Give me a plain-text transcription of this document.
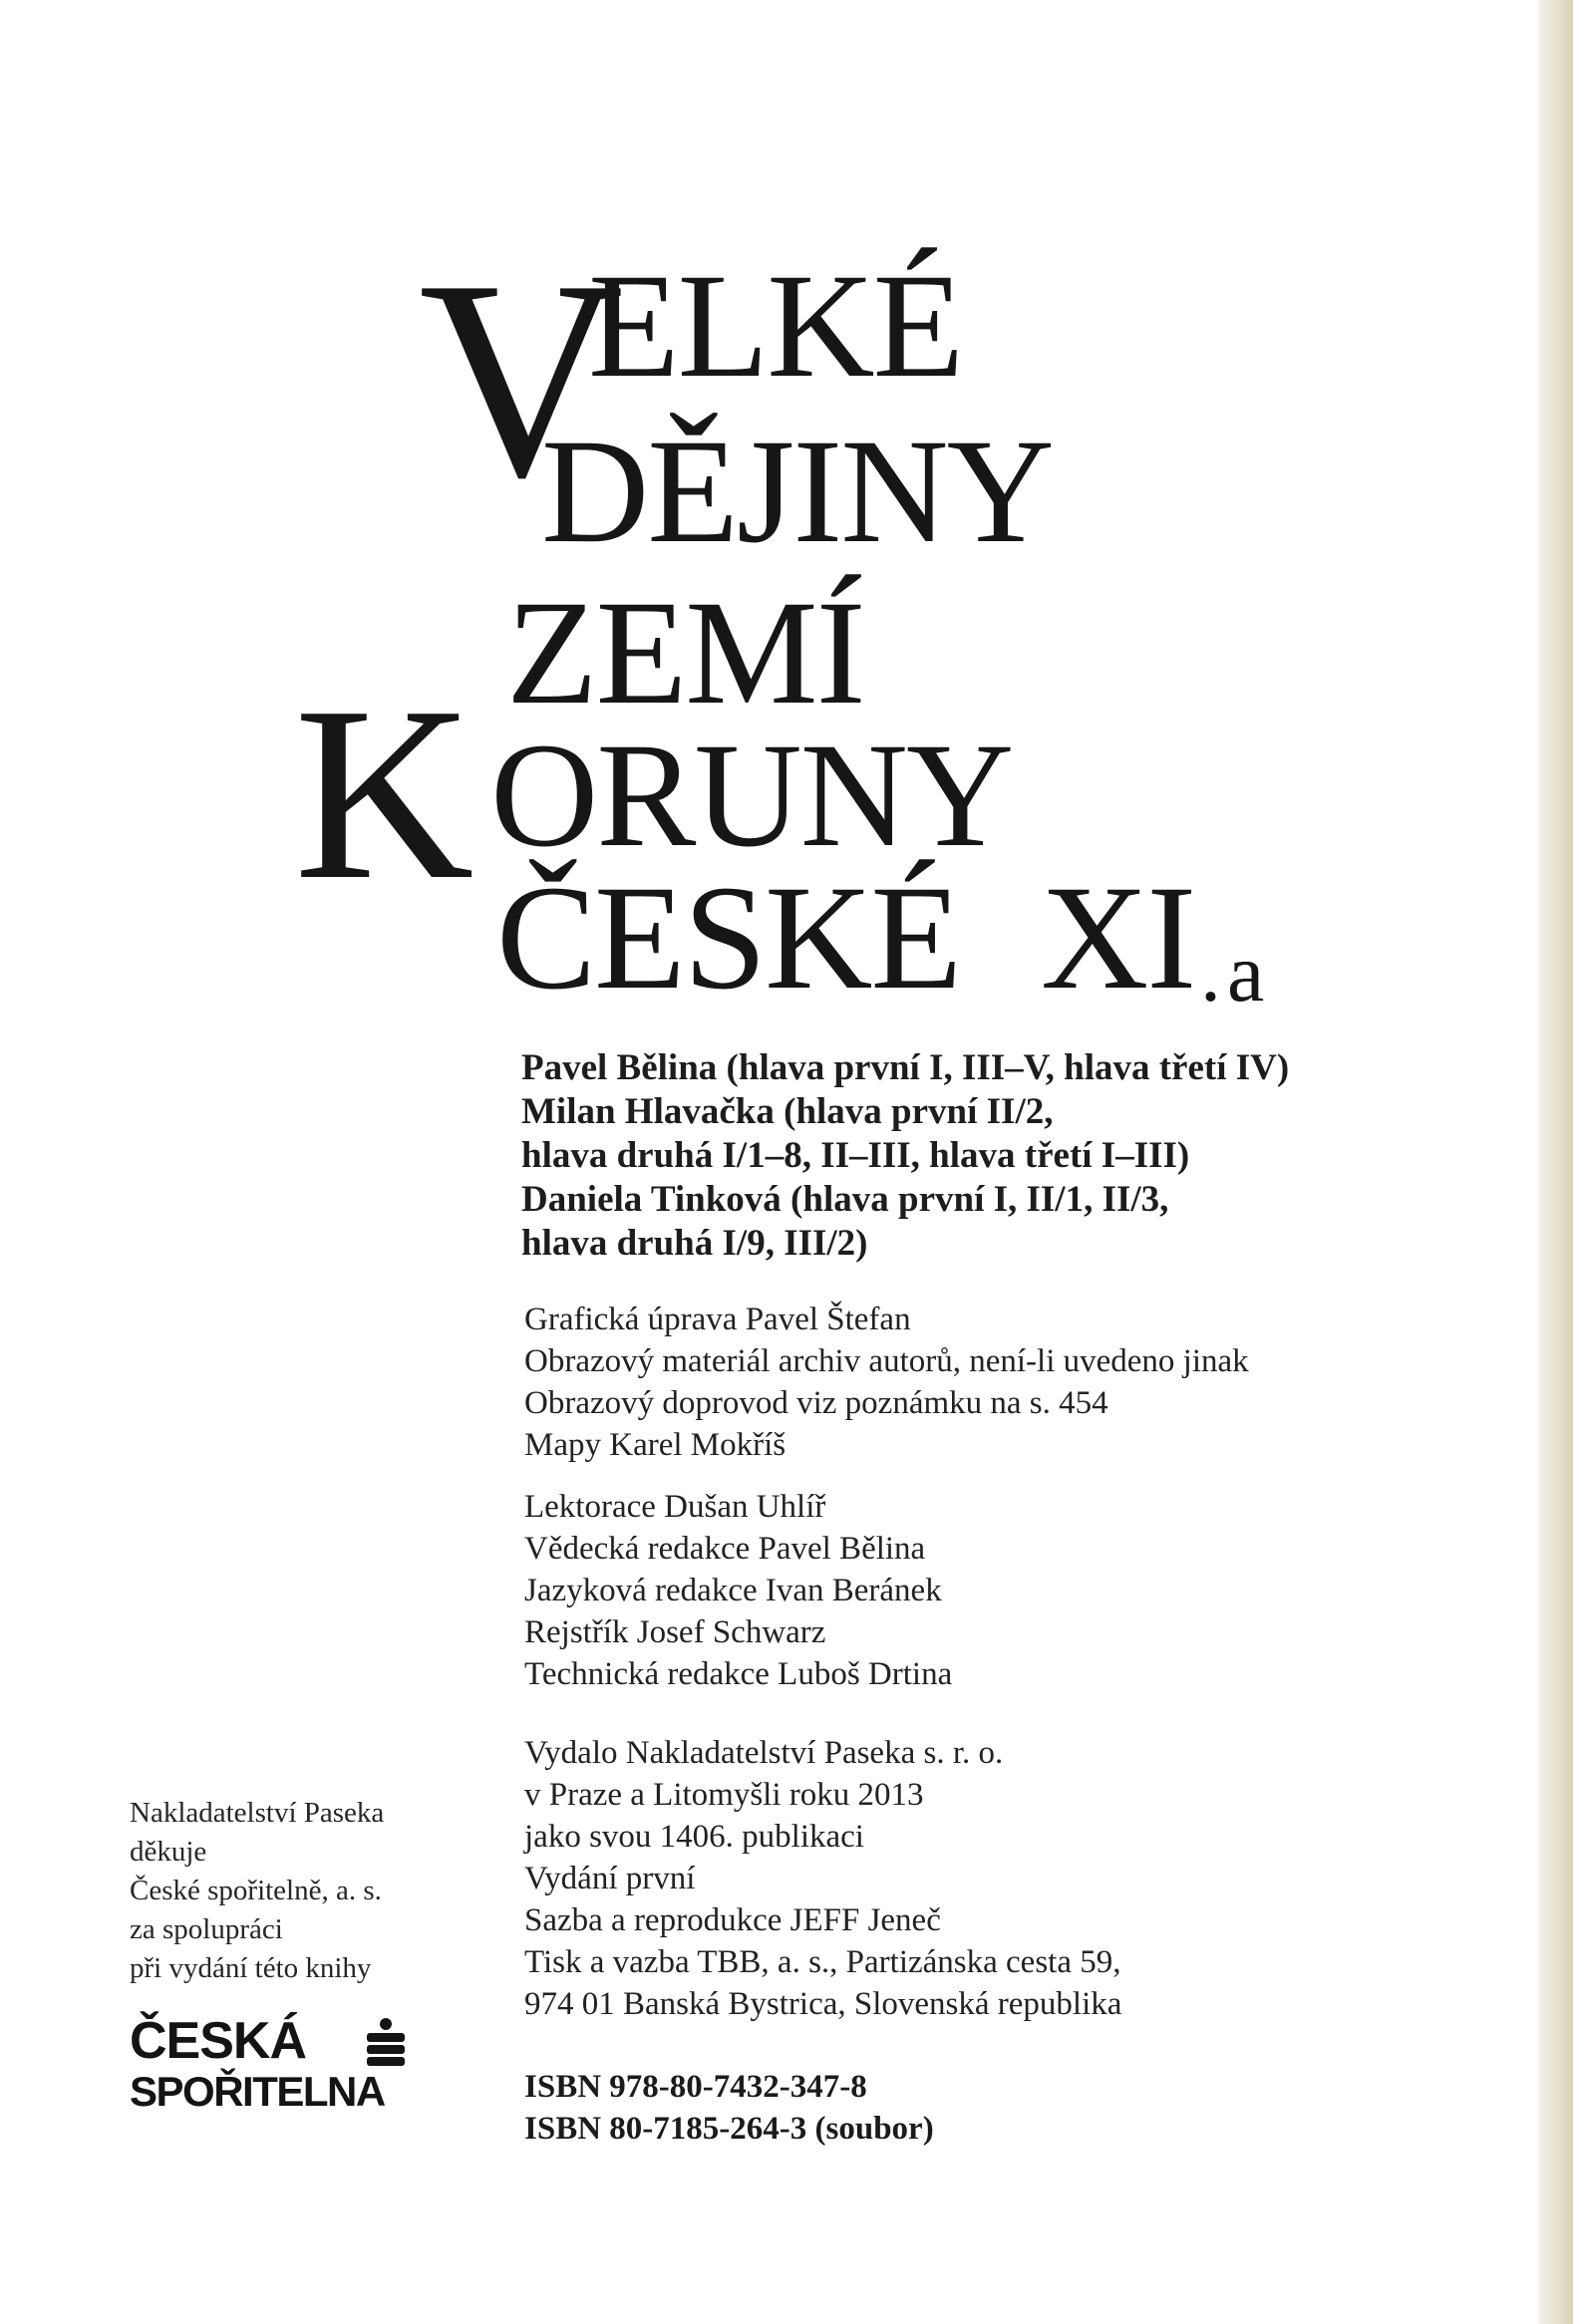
V
ELKÉ
DĚJINY
ZEMÍ
K ORUNY
ČESKÉ XI .a
Pavel Bělina (hlava první I, III–V, hlava třetí IV)
Milan Hlavačka (hlava první II/2,
hlava druhá I/1–8, II–III, hlava třetí I–III)
Daniela Tinková (hlava první I, II/1, II/3,
hlava druhá I/9, III/2)
Grafická úprava Pavel Štefan
Obrazový materiál archiv autorů, není-li uvedeno jinak
Obrazový doprovod viz poznámku na s. 454
Mapy Karel Mokříš
Lektorace Dušan Uhlíř
Vědecká redakce Pavel Bělina
Jazyková redakce Ivan Beránek
Rejstřík Josef Schwarz
Technická redakce Luboš Drtina
Vydalo Nakladatelství Paseka s. r. o.
v Praze a Litomyšli roku 2013
jako svou 1406. publikaci
Vydání první
Sazba a reprodukce JEFF Jeneč
Tisk a vazba TBB, a. s., Partizánska cesta 59,
974 01 Banská Bystrica, Slovenská republika
ISBN 978-80-7432-347-8
ISBN 80-7185-264-3 (soubor)
Nakladatelství Paseka
děkuje
České spořitelně, a. s.
za spolupráci
při vydání této knihy
ČESKÁ
SPOŘITELNA
